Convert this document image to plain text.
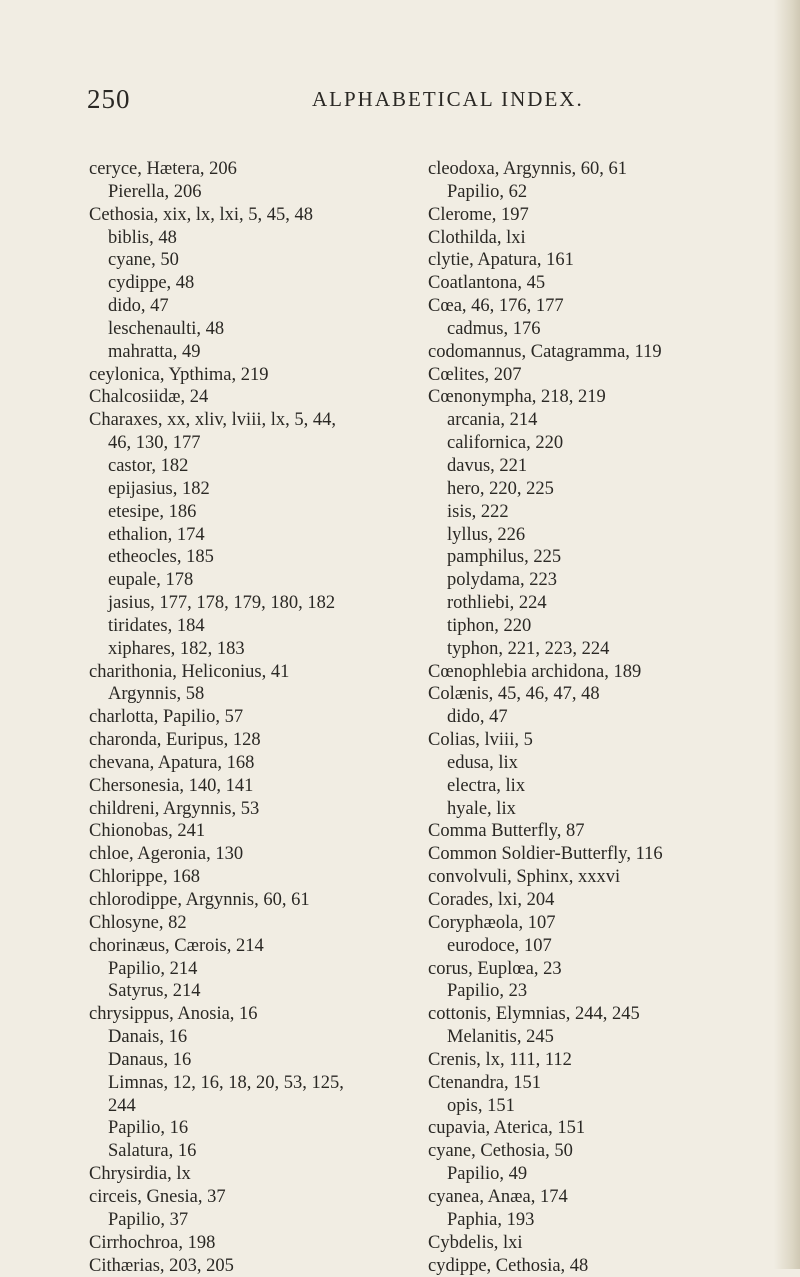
250	ALPHABETICAL INDEX.
ceryce, Hætera, 206
Pierella, 206
Cethosia, xix, lx, lxi, 5, 45, 48
biblis, 48
cyane, 50
cydippe, 48
dido, 47
leschenaulti, 48
mahratta, 49
ceylonica, Ypthima, 219
Chalcosiidæ, 24
Charaxes, xx, xliv, lviii, lx, 5, 44,
46, 130, 177
castor, 182
epijasius, 182
etesipe, 186
ethalion, 174
etheocles, 185
eupale, 178
jasius, 177, 178, 179, 180, 182
tiridates, 184
xiphares, 182, 183
charithonia, Heliconius, 41
Argynnis, 58
charlotta, Papilio, 57
charonda, Euripus, 128
chevana, Apatura, 168
Chersonesia, 140, 141
childreni, Argynnis, 53
Chionobas, 241
chloe, Ageronia, 130
Chlorippe, 168
chlorodippe, Argynnis, 60, 61
Chlosyne, 82
chorinæus, Cærois, 214
Papilio, 214
Satyrus, 214
chrysippus, Anosia, 16
Danais, 16
Danaus, 16
Limnas, 12, 16, 18, 20, 53, 125,
244
Papilio, 16
Salatura, 16
Chrysirdia, lx
circeis, Gnesia, 37
Papilio, 37
Cirrhochroa, 198
Cithærias, 203, 205
cleodoxa, Argynnis, 60, 61
Papilio, 62
Clerome, 197
Clothilda, lxi
clytie, Apatura, 161
Coatlantona, 45
Cœa, 46, 176, 177
cadmus, 176
codomannus, Catagramma, 119
Cœlites, 207
Cœnonympha, 218, 219
arcania, 214
californica, 220
davus, 221
hero, 220, 225
isis, 222
lyllus, 226
pamphilus, 225
polydama, 223
rothliebi, 224
tiphon, 220
typhon, 221, 223, 224
Cœnophlebia archidona, 189
Colænis, 45, 46, 47, 48
dido, 47
Colias, lviii, 5
edusa, lix
electra, lix
hyale, lix
Comma Butterfly, 87
Common Soldier-Butterfly, 116
convolvuli, Sphinx, xxxvi
Corades, lxi, 204
Coryphæola, 107
eurodoce, 107
corus, Euplœa, 23
Papilio, 23
cottonis, Elymnias, 244, 245
Melanitis, 245
Crenis, lx, 111, 112
Ctenandra, 151
opis, 151
cupavia, Aterica, 151
cyane, Cethosia, 50
Papilio, 49
cyanea, Anæa, 174
Paphia, 193
Cybdelis, lxi
cydippe, Cethosia, 48
